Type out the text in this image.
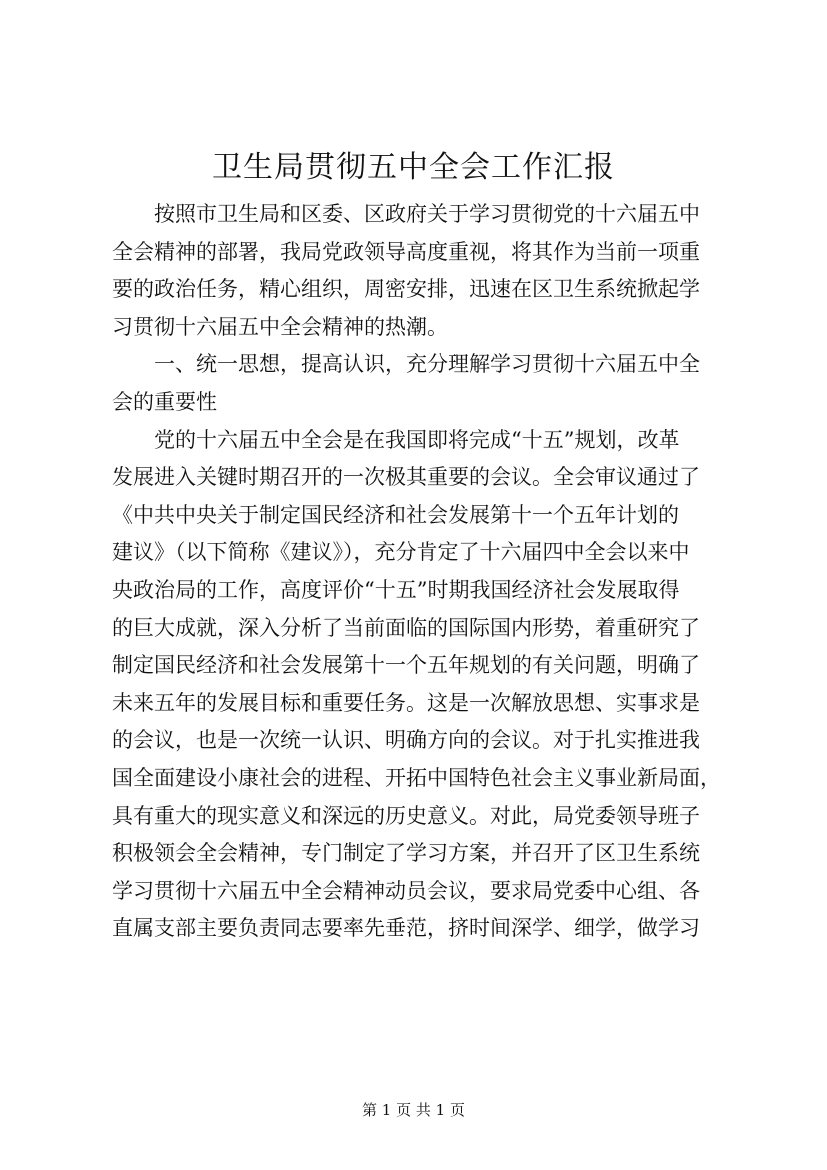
卫生局贯彻五中全会工作汇报

　　按照市卫生局和区委、区政府关于学习贯彻党的十六届五中

全会精神的部署，我局党政领导高度重视，将其作为当前一项重

要的政治任务，精心组织，周密安排，迅速在区卫生系统掀起学

习贯彻十六届五中全会精神的热潮。

　　一、统一思想，提高认识，充分理解学习贯彻十六届五中全

会的重要性

　　党的十六届五中全会是在我国即将完成“十五”规划，改革

发展进入关键时期召开的一次极其重要的会议。全会审议通过了

《中共中央关于制定国民经济和社会发展第十一个五年计划的

建议》（以下简称《建议》），充分肯定了十六届四中全会以来中

央政治局的工作，高度评价“十五”时期我国经济社会发展取得

的巨大成就，深入分析了当前面临的国际国内形势，着重研究了

制定国民经济和社会发展第十一个五年规划的有关问题，明确了

未来五年的发展目标和重要任务。这是一次解放思想、实事求是

的会议，也是一次统一认识、明确方向的会议。对于扎实推进我

国全面建设小康社会的进程、开拓中国特色社会主义事业新局面，

具有重大的现实意义和深远的历史意义。对此，局党委领导班子

积极领会全会精神，专门制定了学习方案，并召开了区卫生系统

学习贯彻十六届五中全会精神动员会议，要求局党委中心组、各

直属支部主要负责同志要率先垂范，挤时间深学、细学，做学习

第 1 页 共 1 页
